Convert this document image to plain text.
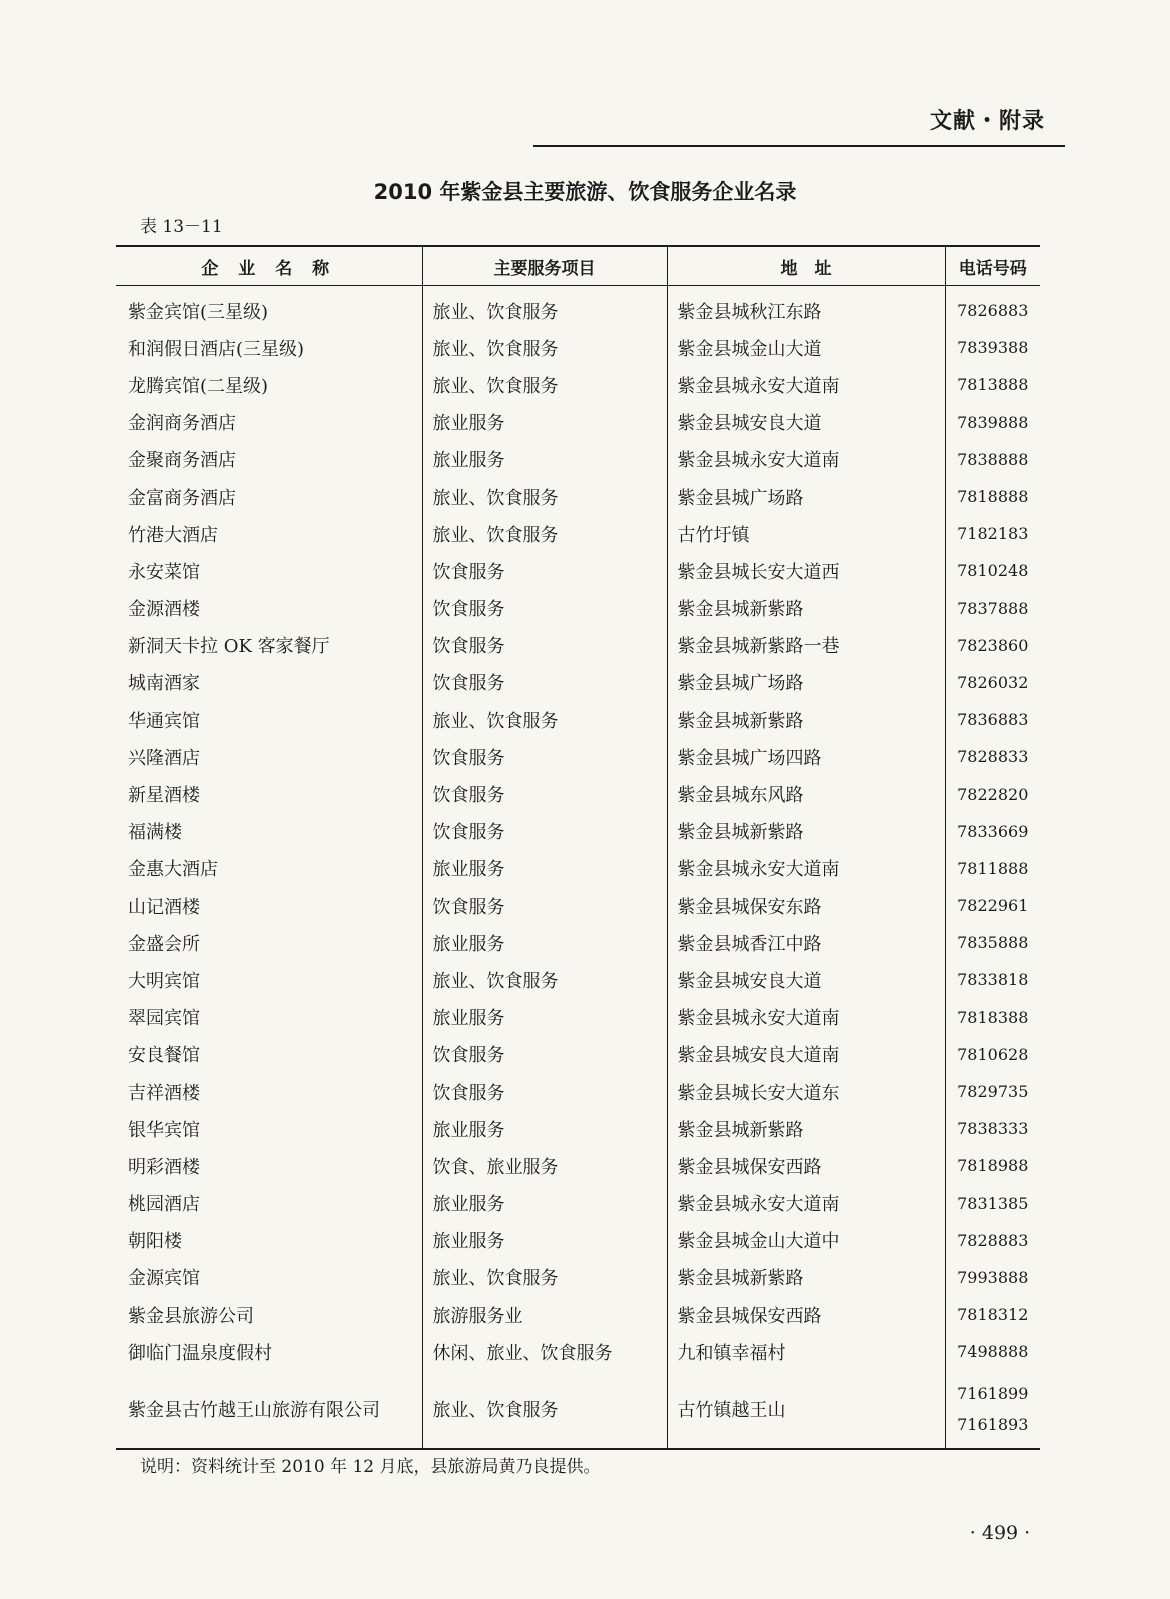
文献・附录
2010 年紫金县主要旅游、饮食服务企业名录
表 13－11
企 业 名 称	主要服务项目	地　址	电话号码
紫金宾馆(三星级)	旅业、饮食服务	紫金县城秋江东路	7826883

和润假日酒店(三星级)	旅业、饮食服务	紫金县城金山大道	7839388

龙腾宾馆(二星级)	旅业、饮食服务	紫金县城永安大道南	7813888

金润商务酒店	旅业服务	紫金县城安良大道	7839888

金聚商务酒店	旅业服务	紫金县城永安大道南	7838888

金富商务酒店	旅业、饮食服务	紫金县城广场路	7818888

竹港大酒店	旅业、饮食服务	古竹圩镇	7182183

永安菜馆	饮食服务	紫金县城长安大道西	7810248

金源酒楼	饮食服务	紫金县城新紫路	7837888

新洞天卡拉 OK 客家餐厅	饮食服务	紫金县城新紫路一巷	7823860

城南酒家	饮食服务	紫金县城广场路	7826032

华通宾馆	旅业、饮食服务	紫金县城新紫路	7836883

兴隆酒店	饮食服务	紫金县城广场四路	7828833

新星酒楼	饮食服务	紫金县城东风路	7822820

福满楼	饮食服务	紫金县城新紫路	7833669

金惠大酒店	旅业服务	紫金县城永安大道南	7811888

山记酒楼	饮食服务	紫金县城保安东路	7822961

金盛会所	旅业服务	紫金县城香江中路	7835888

大明宾馆	旅业、饮食服务	紫金县城安良大道	7833818

翠园宾馆	旅业服务	紫金县城永安大道南	7818388

安良餐馆	饮食服务	紫金县城安良大道南	7810628

吉祥酒楼	饮食服务	紫金县城长安大道东	7829735

银华宾馆	旅业服务	紫金县城新紫路	7838333

明彩酒楼	饮食、旅业服务	紫金县城保安西路	7818988

桃园酒店	旅业服务	紫金县城永安大道南	7831385

朝阳楼	旅业服务	紫金县城金山大道中	7828883

金源宾馆	旅业、饮食服务	紫金县城新紫路	7993888

紫金县旅游公司	旅游服务业	紫金县城保安西路	7818312

御临门温泉度假村	休闲、旅业、饮食服务	九和镇幸福村	7498888

紫金县古竹越王山旅游有限公司	旅业、饮食服务	古竹镇越王山	7161899
7161893
说明：资料统计至 2010 年 12 月底，县旅游局黄乃良提供。
· 499 ·
